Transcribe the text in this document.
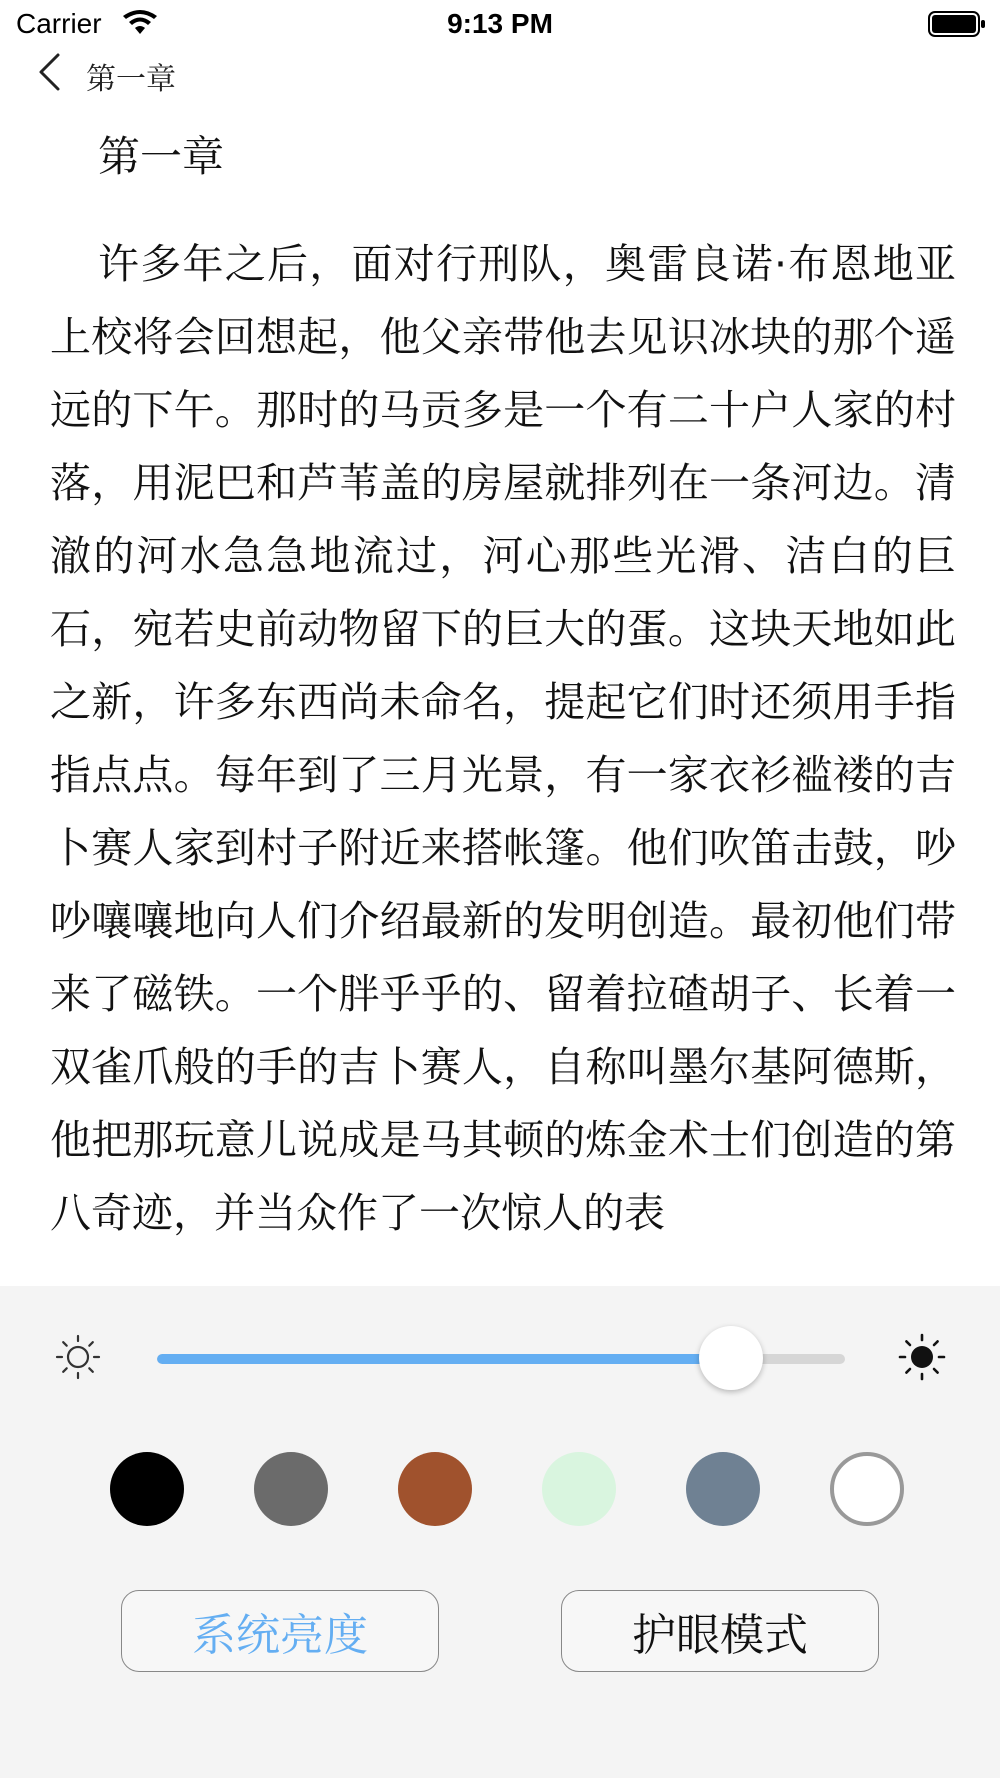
Carrier	9:13 PM
第一章
第一章

许多年之后，面对行刑队，奥雷良诺·布恩地亚上校将会回想起，他父亲带他去见识冰块的那个遥远的下午。那时的马贡多是一个有二十户人家的村落，用泥巴和芦苇盖的房屋就排列在一条河边。清澈的河水急急地流过，河心那些光滑、洁白的巨石，宛若史前动物留下的巨大的蛋。这块天地如此之新，许多东西尚未命名，提起它们时还须用手指指点点。每年到了三月光景，有一家衣衫褴褛的吉卜赛人家到村子附近来搭帐篷。他们吹笛击鼓，吵吵嚷嚷地向人们介绍最新的发明创造。最初他们带来了磁铁。一个胖乎乎的、留着拉碴胡子、长着一双雀爪般的手的吉卜赛人，自称叫墨尔基阿德斯，他把那玩意儿说成是马其顿的炼金术士们创造的第八奇迹，并当众作了一次惊人的表

系统亮度	护眼模式
